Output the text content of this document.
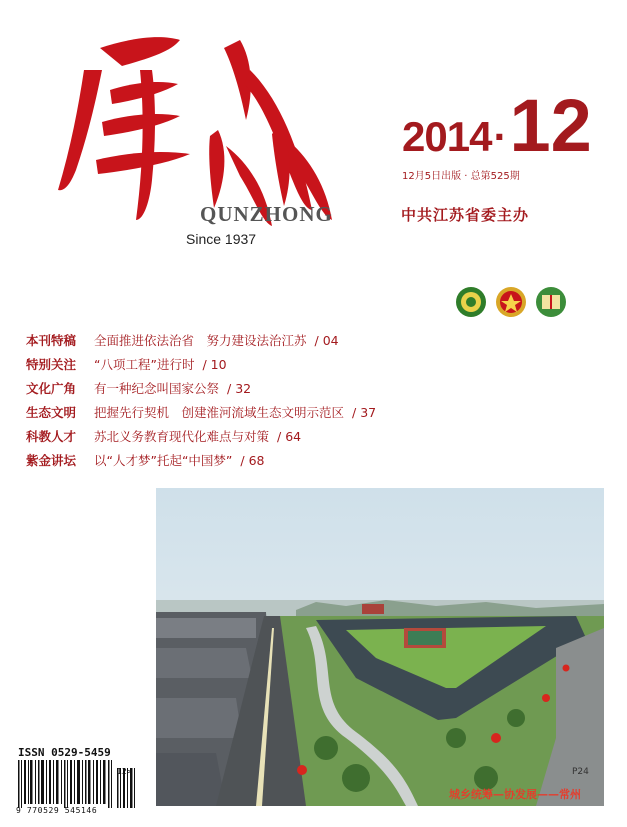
QUNZHONG
Since 1937
2014 · 12
12月5日出版 · 总第525期
中共江苏省委主办
本刊特稿	全面推进依法治省　努力建设法治江苏 / 04
特别关注	“八项工程”进行时 / 10
文化广角	有一种纪念叫国家公祭 / 32
生态文明	把握先行契机　创建淮河流域生态文明示范区 / 37
科教人才	苏北义务教育现代化难点与对策 / 64
紫金讲坛	以“人才梦”托起“中国梦” / 68
P24
城乡统筹—协发展——常州
ISSN 0529-5459
12>
9 770529 545146
